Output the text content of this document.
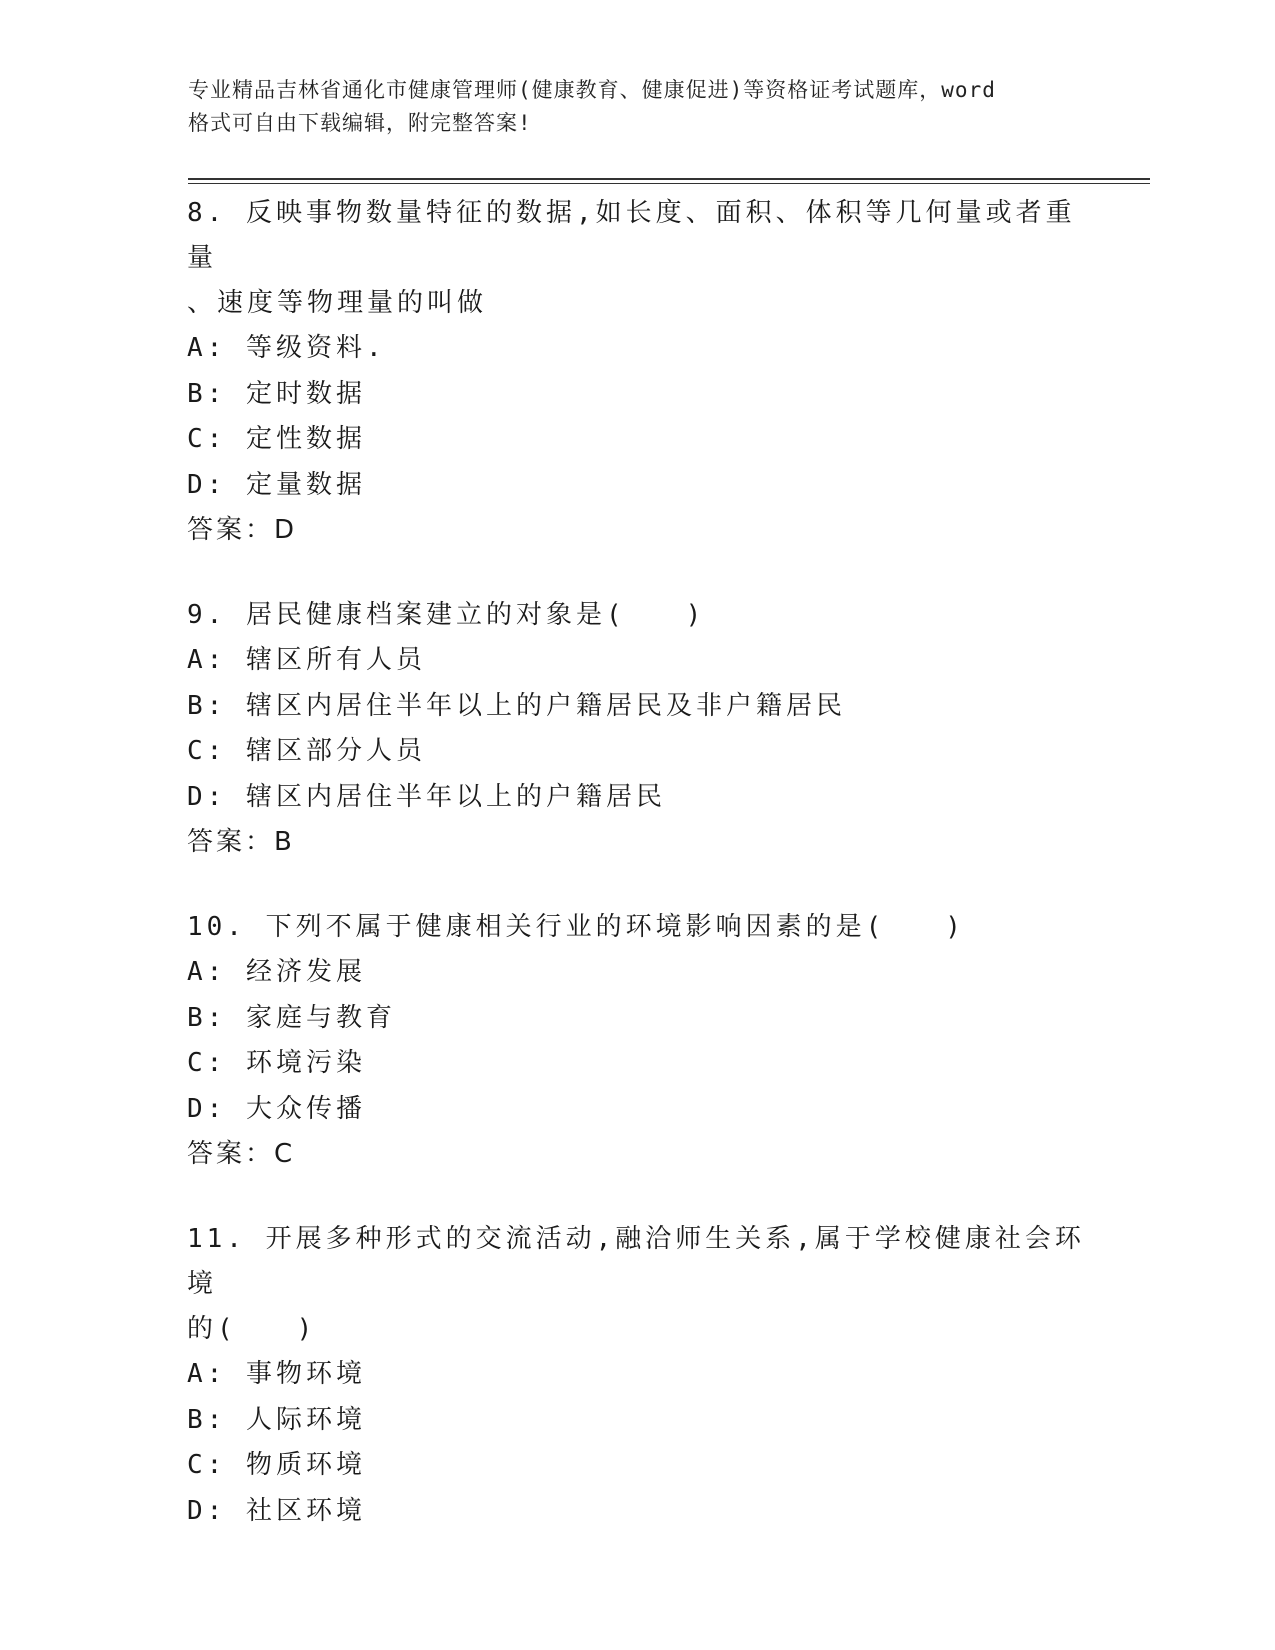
专业精品吉林省通化市健康管理师(健康教育、健康促进)等资格证考试题库，word
格式可自由下载编辑，附完整答案!

8. 反映事物数量特征的数据,如长度、面积、体积等几何量或者重量

、速度等物理量的叫做

A: 等级资料.

B: 定时数据

C: 定性数据

D: 定量数据

答案：D

9. 居民健康档案建立的对象是(　　)

A: 辖区所有人员

B: 辖区内居住半年以上的户籍居民及非户籍居民

C: 辖区部分人员

D: 辖区内居住半年以上的户籍居民

答案：B

10. 下列不属于健康相关行业的环境影响因素的是(　　)

A: 经济发展

B: 家庭与教育

C: 环境污染

D: 大众传播

答案：C

11. 开展多种形式的交流活动,融洽师生关系,属于学校健康社会环境

的(　　)

A: 事物环境

B: 人际环境

C: 物质环境

D: 社区环境
